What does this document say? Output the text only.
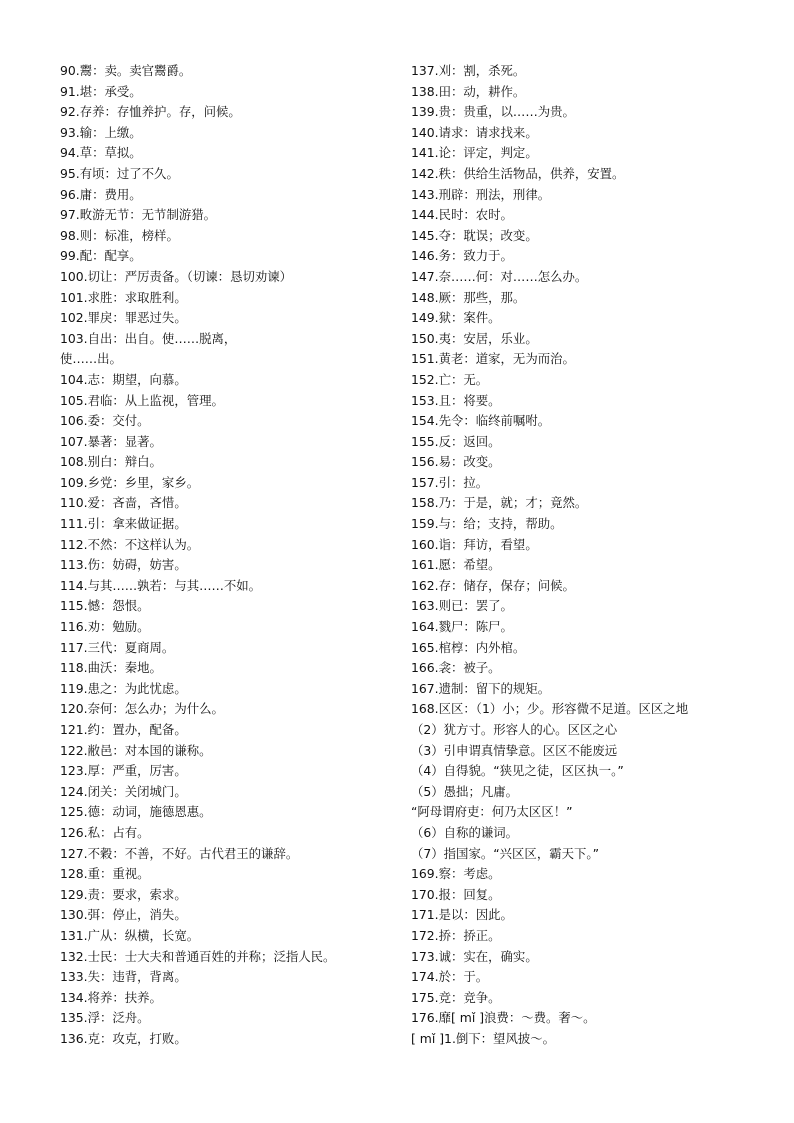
90.鬻：卖。卖官鬻爵。
91.堪：承受。
92.存养：存恤养护。存，问候。
93.输：上缴。
94.草：草拟。
95.有顷：过了不久。
96.庸：费用。
97.畋游无节：无节制游猎。
98.则：标准，榜样。
99.配：配享。
100.切让：严厉责备。（切谏：恳切劝谏）
101.求胜：求取胜利。
102.罪戾：罪恶过失。
103.自出：出自。使……脱离，
使……出。
104.志：期望，向慕。
105.君临：从上监视，管理。
106.委：交付。
107.暴著：显著。
108.别白：辩白。
109.乡党：乡里，家乡。
110.爱：吝啬，吝惜。
111.引：拿来做证据。
112.不然：不这样认为。
113.伤：妨碍，妨害。
114.与其……孰若：与其……不如。
115.憾：怨恨。
116.劝：勉励。
117.三代：夏商周。
118.曲沃：秦地。
119.患之：为此忧虑。
120.奈何：怎么办；为什么。
121.约：置办，配备。
122.敝邑：对本国的谦称。
123.厚：严重，厉害。
124.闭关：关闭城门。
125.德：动词，施德恩惠。
126.私：占有。
127.不穀：不善，不好。古代君王的谦辞。
128.重：重视。
129.责：要求，索求。
130.弭：停止，消失。
131.广从：纵横，长宽。
132.士民：士大夫和普通百姓的并称；泛指人民。
133.失：违背，背离。
134.将养：扶养。
135.浮：泛舟。
136.克：攻克，打败。
137.刈：割，杀死。
138.田：动，耕作。
139.贵：贵重，以……为贵。
140.请求：请求找来。
141.论：评定，判定。
142.秩：供给生活物品，供养，安置。
143.刑辟：刑法，刑律。
144.民时：农时。
145.夺：耽误；改变。
146.务：致力于。
147.奈……何：对……怎么办。
148.厥：那些，那。
149.狱：案件。
150.夷：安居，乐业。
151.黄老：道家，无为而治。
152.亡：无。
153.且：将要。
154.先令：临终前嘱咐。
155.反：返回。
156.易：改变。
157.引：拉。
158.乃：于是，就；才；竟然。
159.与：给；支持，帮助。
160.诣：拜访，看望。
161.愿：希望。
162.存：储存，保存；问候。
163.则已：罢了。
164.戮尸：陈尸。
165.棺椁：内外棺。
166.衾：被子。
167.遗制：留下的规矩。
168.区区：（1）小；少。形容微不足道。区区之地
（2）犹方寸。形容人的心。区区之心
（3）引申谓真情挚意。区区不能废远
（4）自得貌。“狭见之徒，区区执一。”
（5）愚拙；凡庸。
“阿母谓府吏：何乃太区区！”
（6）自称的谦词。
（7）指国家。“兴区区，霸天下。”
169.察：考虑。
170.报：回复。
171.是以：因此。
172.挢：挢正。
173.诚：实在，确实。
174.於：于。
175.竞：竞争。
176.靡[ mǐ ]浪费：～费。奢～。
[ mǐ ]1.倒下：望风披～。
